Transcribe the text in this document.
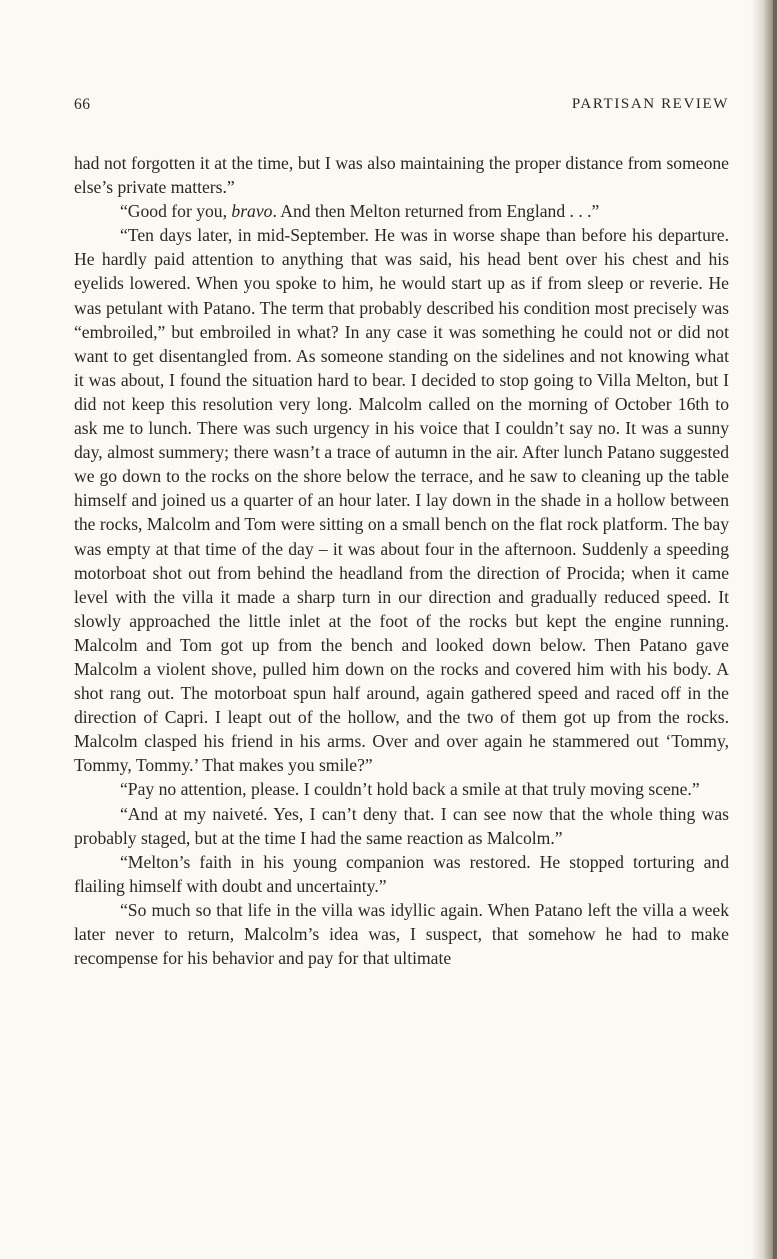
66	PARTISAN REVIEW

had not forgotten it at the time, but I was also maintaining the proper distance from someone else’s private matters.”

“Good for you, bravo. And then Melton returned from England . . .”

“Ten days later, in mid-September. He was in worse shape than before his departure. He hardly paid attention to anything that was said, his head bent over his chest and his eyelids lowered. When you spoke to him, he would start up as if from sleep or reverie. He was petulant with Patano. The term that probably described his condition most precisely was “embroiled,” but embroiled in what? In any case it was something he could not or did not want to get disentangled from. As someone standing on the sidelines and not knowing what it was about, I found the situation hard to bear. I decided to stop going to Villa Melton, but I did not keep this resolution very long. Malcolm called on the morning of October 16th to ask me to lunch. There was such urgency in his voice that I couldn’t say no. It was a sunny day, almost summery; there wasn’t a trace of autumn in the air. After lunch Patano suggested we go down to the rocks on the shore below the terrace, and he saw to cleaning up the table himself and joined us a quarter of an hour later. I lay down in the shade in a hollow between the rocks, Malcolm and Tom were sitting on a small bench on the flat rock platform. The bay was empty at that time of the day – it was about four in the afternoon. Suddenly a speeding motorboat shot out from behind the headland from the direction of Procida; when it came level with the villa it made a sharp turn in our direction and gradually reduced speed. It slowly approached the little inlet at the foot of the rocks but kept the engine running. Malcolm and Tom got up from the bench and looked down below. Then Patano gave Malcolm a violent shove, pulled him down on the rocks and covered him with his body. A shot rang out. The motorboat spun half around, again gathered speed and raced off in the direction of Capri. I leapt out of the hollow, and the two of them got up from the rocks. Malcolm clasped his friend in his arms. Over and over again he stammered out ‘Tommy, Tommy, Tommy.’ That makes you smile?”

“Pay no attention, please. I couldn’t hold back a smile at that truly moving scene.”

“And at my naiveté. Yes, I can’t deny that. I can see now that the whole thing was probably staged, but at the time I had the same reaction as Malcolm.”

“Melton’s faith in his young companion was restored. He stopped torturing and flailing himself with doubt and uncertainty.”

“So much so that life in the villa was idyllic again. When Patano left the villa a week later never to return, Malcolm’s idea was, I suspect, that somehow he had to make recompense for his behavior and pay for that ultimate
